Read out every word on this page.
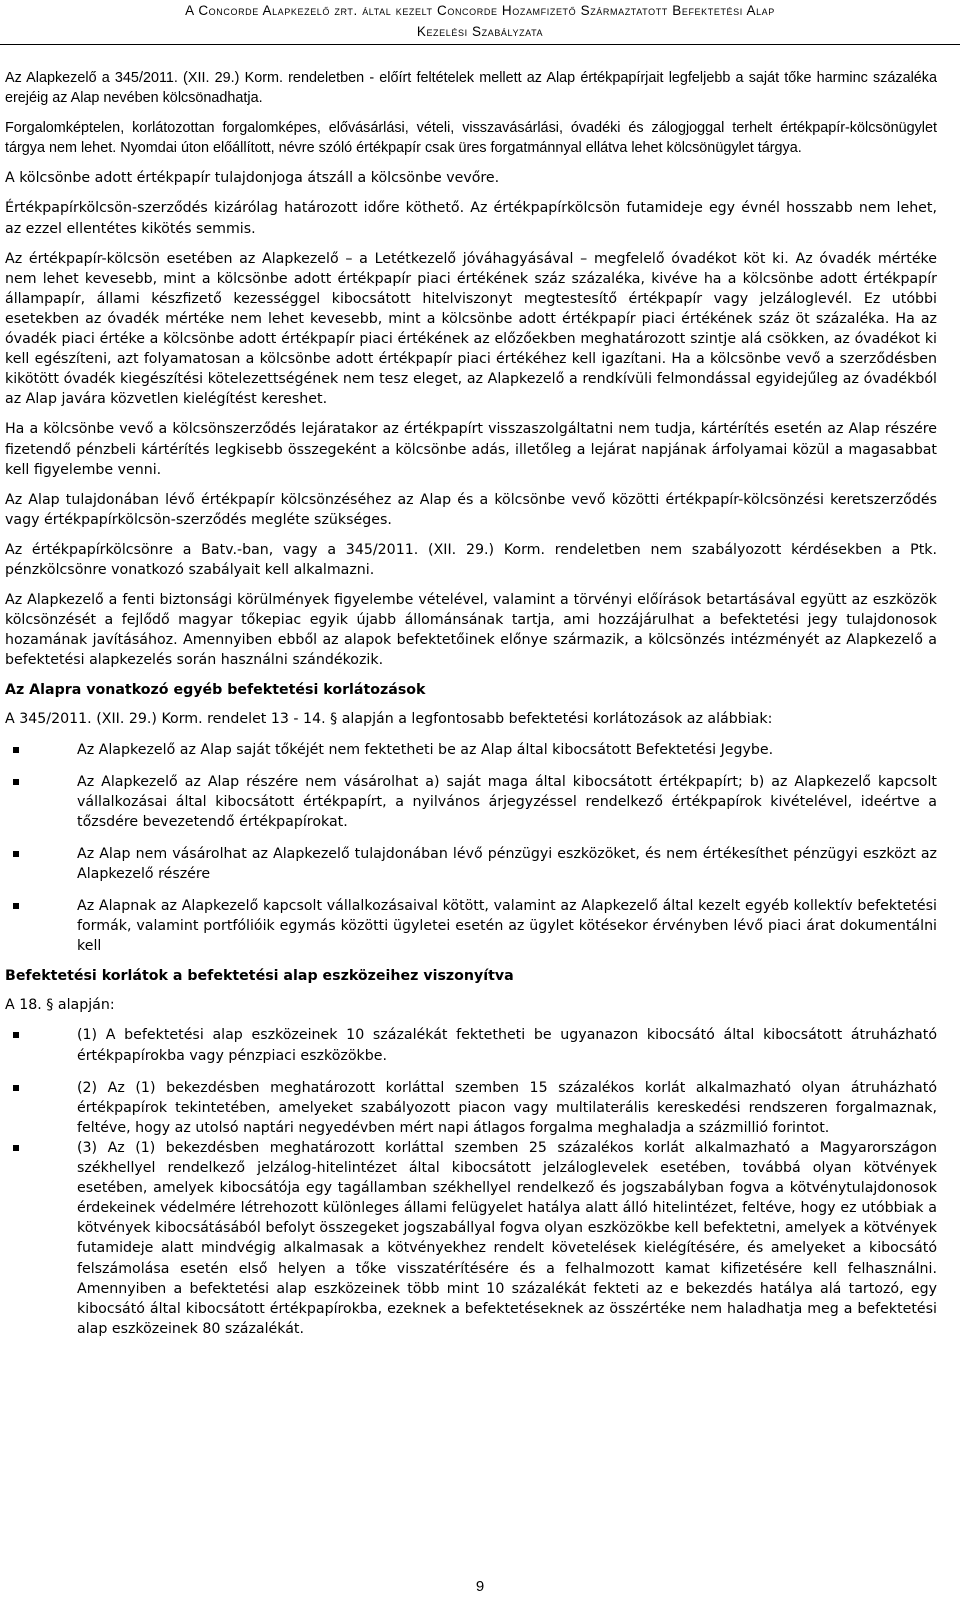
A Concorde Alapkezelő zrt. által kezelt Concorde Hozamfizető Származtatott Befektetési Alap
Kezelési Szabályzata

Az Alapkezelő a 345/2011. (XII. 29.) Korm. rendeletben - előírt feltételek mellett az Alap értékpapírjait legfeljebb a saját tőke harminc százaléka erejéig az Alap nevében kölcsönadhatja.

Forgalomképtelen, korlátozottan forgalomképes, elővásárlási, vételi, visszavásárlási, óvadéki és zálogjoggal terhelt értékpapír-kölcsönügylet tárgya nem lehet. Nyomdai úton előállított, névre szóló értékpapír csak üres forgatmánnyal ellátva lehet kölcsönügylet tárgya.

A kölcsönbe adott értékpapír tulajdonjoga átszáll a kölcsönbe vevőre.

Értékpapírkölcsön-szerződés kizárólag határozott időre köthető. Az értékpapírkölcsön futamideje egy évnél hosszabb nem lehet, az ezzel ellentétes kikötés semmis.

Az értékpapír-kölcsön esetében az Alapkezelő – a Letétkezelő jóváhagyásával – megfelelő óvadékot köt ki. Az óvadék mértéke nem lehet kevesebb, mint a kölcsönbe adott értékpapír piaci értékének száz százaléka, kivéve ha a kölcsönbe adott értékpapír állampapír, állami készfizető kezességgel kibocsátott hitelviszonyt megtestesítő értékpapír vagy jelzáloglevél. Ez utóbbi esetekben az óvadék mértéke nem lehet kevesebb, mint a kölcsönbe adott értékpapír piaci értékének száz öt százaléka. Ha az óvadék piaci értéke a kölcsönbe adott értékpapír piaci értékének az előzőekben meghatározott szintje alá csökken, az óvadékot ki kell egészíteni, azt folyamatosan a kölcsönbe adott értékpapír piaci értékéhez kell igazítani. Ha a kölcsönbe vevő a szerződésben kikötött óvadék kiegészítési kötelezettségének nem tesz eleget, az Alapkezelő a rendkívüli felmondással egyidejűleg az óvadékból az Alap javára közvetlen kielégítést kereshet.

Ha a kölcsönbe vevő a kölcsönszerződés lejáratakor az értékpapírt visszaszolgáltatni nem tudja, kártérítés esetén az Alap részére fizetendő pénzbeli kártérítés legkisebb összegeként a kölcsönbe adás, illetőleg a lejárat napjának árfolyamai közül a magasabbat kell figyelembe venni.

Az Alap tulajdonában lévő értékpapír kölcsönzéséhez az Alap és a kölcsönbe vevő közötti értékpapír-kölcsönzési keretszerződés vagy értékpapírkölcsön-szerződés megléte szükséges.

Az értékpapírkölcsönre a Batv.-ban, vagy a 345/2011. (XII. 29.) Korm. rendeletben nem szabályozott kérdésekben a Ptk. pénzkölcsönre vonatkozó szabályait kell alkalmazni.

Az Alapkezelő a fenti biztonsági körülmények figyelembe vételével, valamint a törvényi előírások betartásával együtt az eszközök kölcsönzését a fejlődő magyar tőkepiac egyik újabb állománsának tartja, ami hozzájárulhat a befektetési jegy tulajdonosok hozamának javításához. Amennyiben ebből az alapok befektetőinek előnye származik, a kölcsönzés intézményét az Alapkezelő a befektetési alapkezelés során használni szándékozik.

Az Alapra vonatkozó egyéb befektetési korlátozások

A 345/2011. (XII. 29.) Korm. rendelet 13 - 14. § alapján a legfontosabb befektetési korlátozások az alábbiak:

Az Alapkezelő az Alap saját tőkéjét nem fektetheti be az Alap által kibocsátott Befektetési Jegybe.
Az Alapkezelő az Alap részére nem vásárolhat a) saját maga által kibocsátott értékpapírt; b) az Alapkezelő kapcsolt vállalkozásai által kibocsátott értékpapírt, a nyilvános árjegyzéssel rendelkező értékpapírok kivételével, ideértve a tőzsdére bevezetendő értékpapírokat.
Az Alap nem vásárolhat az Alapkezelő tulajdonában lévő pénzügyi eszközöket, és nem értékesíthet pénzügyi eszközt az Alapkezelő részére
Az Alapnak az Alapkezelő kapcsolt vállalkozásaival kötött, valamint az Alapkezelő által kezelt egyéb kollektív befektetési formák, valamint portfólióik egymás közötti ügyletei esetén az ügylet kötésekor érvényben lévő piaci árat dokumentálni kell
Befektetési korlátok a befektetési alap eszközeihez viszonyítva

A 18. § alapján:

(1) A befektetési alap eszközeinek 10 százalékát fektetheti be ugyanazon kibocsátó által kibocsátott átruházható értékpapírokba vagy pénzpiaci eszközökbe.
(2) Az (1) bekezdésben meghatározott korláttal szemben 15 százalékos korlát alkalmazható olyan átruházható értékpapírok tekintetében, amelyeket szabályozott piacon vagy multilaterális kereskedési rendszeren forgalmaznak, feltéve, hogy az utolsó naptári negyedévben mért napi átlagos forgalma meghaladja a százmillió forintot.
(3) Az (1) bekezdésben meghatározott korláttal szemben 25 százalékos korlát alkalmazható a Magyarországon székhellyel rendelkező jelzálog-hitelintézet által kibocsátott jelzáloglevelek esetében, továbbá olyan kötvények esetében, amelyek kibocsátója egy tagállamban székhellyel rendelkező és jogszabályban fogva a kötvénytulajdonosok érdekeinek védelmére létrehozott különleges állami felügyelet hatálya alatt álló hitelintézet, feltéve, hogy ez utóbbiak a kötvények kibocsátásából befolyt összegeket jogszabállyal fogva olyan eszközökbe kell befektetni, amelyek a kötvények futamideje alatt mindvégig alkalmasak a kötvényekhez rendelt követelések kielégítésére, és amelyeket a kibocsátó felszámolása esetén első helyen a tőke visszatérítésére és a felhalmozott kamat kifizetésére kell felhasználni. Amennyiben a befektetési alap eszközeinek több mint 10 százalékát fekteti az e bekezdés hatálya alá tartozó, egy kibocsátó által kibocsátott értékpapírokba, ezeknek a befektetéseknek az összértéke nem haladhatja meg a befektetési alap eszközeinek 80 százalékát.
9
